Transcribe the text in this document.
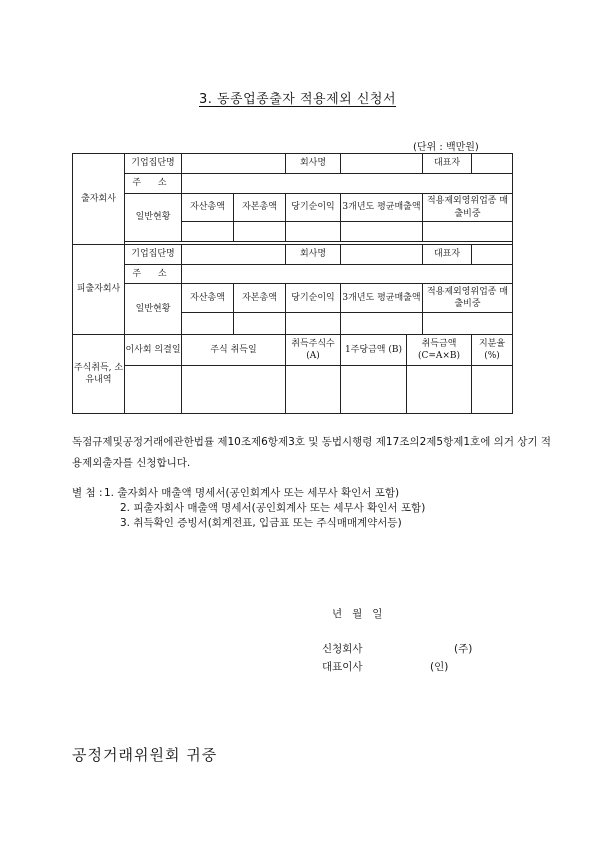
3. 동종업종출자 적용제외 신청서
(단위 : 백만원)
출자회사	기업집단명			회사명			대표자	
	주 소							
	일반현황	자산총액	자본총액	당기순이익	3개년도 평균매출액		적용제외영위업종 매출비중	

피출자회사	기업집단명			회사명			대표자	
	주 소							
	일반현황	자산총액	자본총액	당기순이익	3개년도 평균매출액		적용제외영위업종 매출비중	

주식취득, 소유내역	이사회 의결일	주식 취득일		취득주식수 (A)	1주당금액 (B)	취득금액 (C=A×B)		지분율(%)

독점규제및공정거래에관한법률 제10조제6항제3호 및 동법시행령 제17조의2제5항제1호에 의거 상기 적용제외출자를 신청합니다.
별 첨 : 1. 출자회사 매출액 명세서(공인회계사 또는 세무사 확인서 포함)
2. 피출자회사 매출액 명세서(공인회계사 또는 세무사 확인서 포함)
3. 취득확인 증빙서(회계전표, 입금표 또는 주식매매계약서등)
년   월   일
신청회사	(주)
대표이사	(인)
공정거래위원회 귀중
